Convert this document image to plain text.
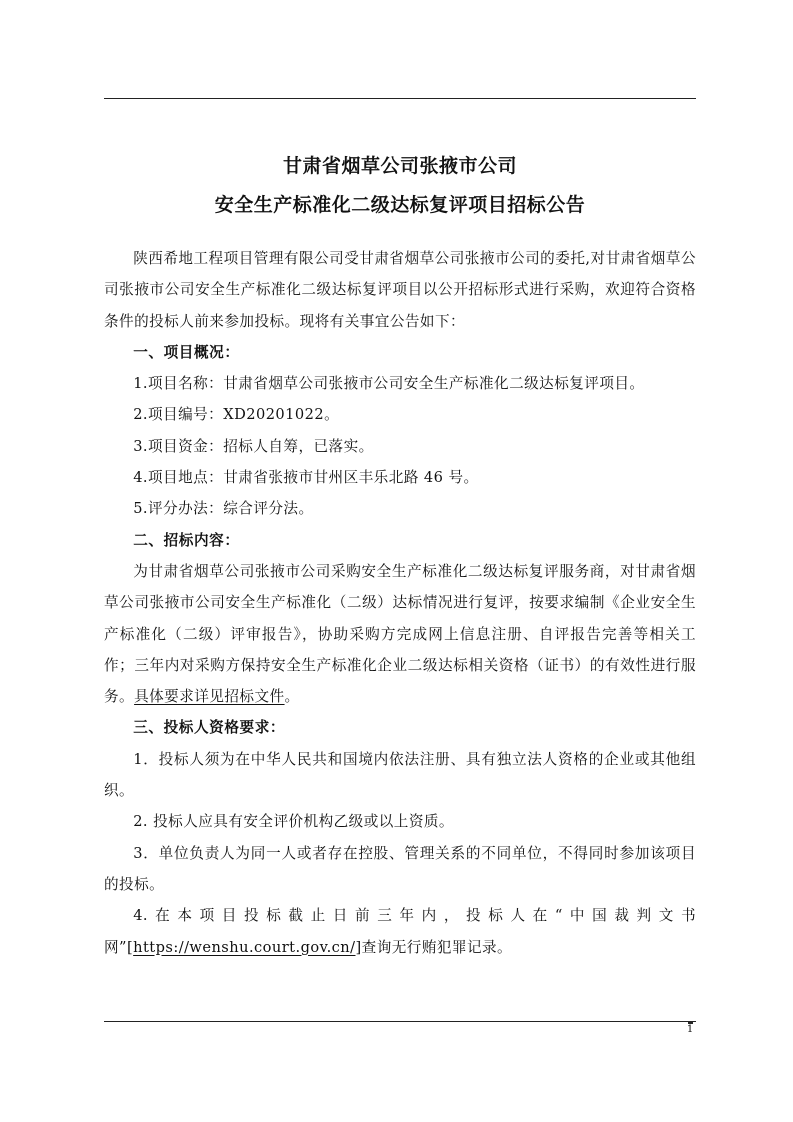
甘肃省烟草公司张掖市公司
安全生产标准化二级达标复评项目招标公告

陕西希地工程项目管理有限公司受甘肃省烟草公司张掖市公司的委托,对甘肃省烟草公司张掖市公司安全生产标准化二级达标复评项目以公开招标形式进行采购，欢迎符合资格条件的投标人前来参加投标。现将有关事宜公告如下：

一、项目概况：

1.项目名称：甘肃省烟草公司张掖市公司安全生产标准化二级达标复评项目。

2.项目编号：XD20201022。

3.项目资金：招标人自筹，已落实。

4.项目地点：甘肃省张掖市甘州区丰乐北路 46 号。

5.评分办法：综合评分法。

二、招标内容：

为甘肃省烟草公司张掖市公司采购安全生产标准化二级达标复评服务商，对甘肃省烟草公司张掖市公司安全生产标准化（二级）达标情况进行复评，按要求编制《企业安全生产标准化（二级）评审报告》，协助采购方完成网上信息注册、自评报告完善等相关工作；三年内对采购方保持安全生产标准化企业二级达标相关资格（证书）的有效性进行服务。具体要求详见招标文件。

三、投标人资格要求：

1．投标人须为在中华人民共和国境内依法注册、具有独立法人资格的企业或其他组织。

2. 投标人应具有安全评价机构乙级或以上资质。

3．单位负责人为同一人或者存在控股、管理关系的不同单位，不得同时参加该项目的投标。

4.在本项目投标截止日前三年内，投标人在“中国裁判文书网”[https://wenshu.court.gov.cn/]查询无行贿犯罪记录。

1
